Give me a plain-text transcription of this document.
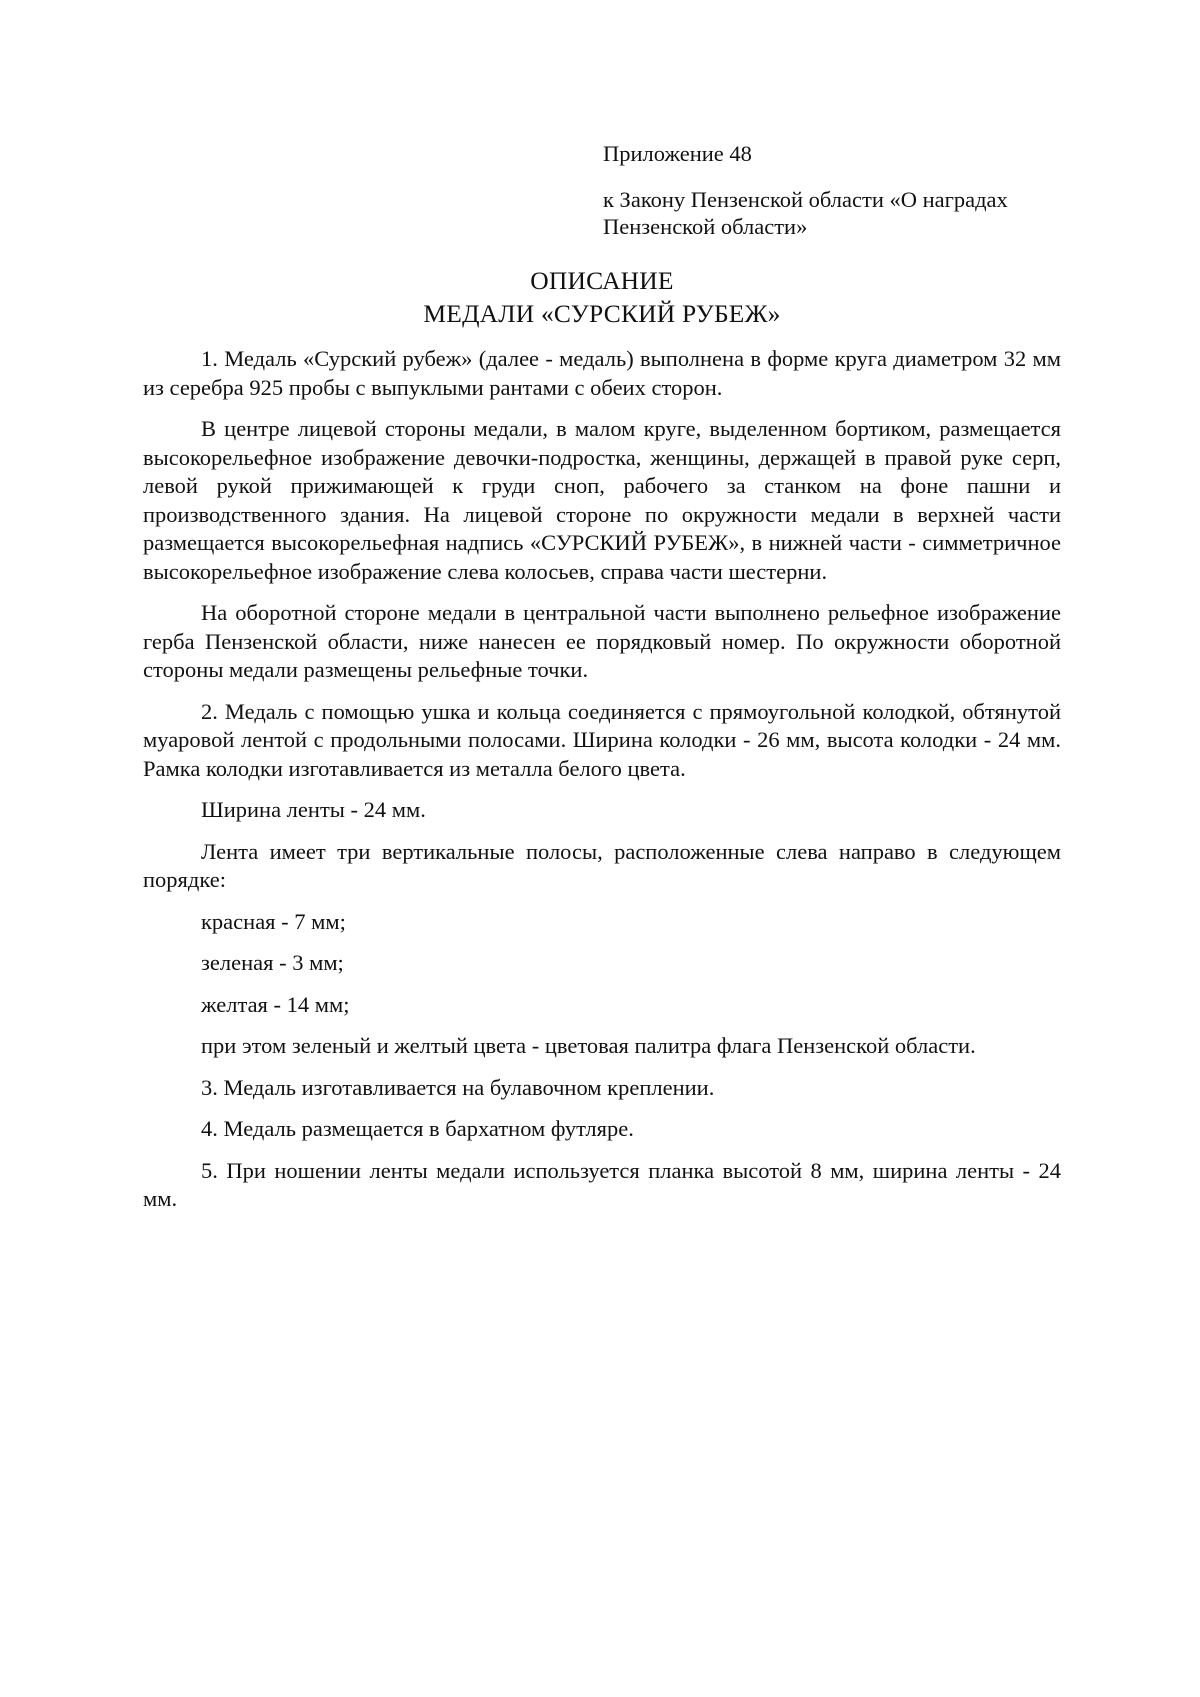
Приложение 48

к Закону Пензенской области «О наградах Пензенской области»

ОПИСАНИЕ
МЕДАЛИ «СУРСКИЙ РУБЕЖ»

1. Медаль «Сурский рубеж» (далее - медаль) выполнена в форме круга диаметром 32 мм из серебра 925 пробы с выпуклыми рантами с обеих сторон.

В центре лицевой стороны медали, в малом круге, выделенном бортиком, размещается высокорельефное изображение девочки-подростка, женщины, держащей в правой руке серп, левой рукой прижимающей к груди сноп, рабочего за станком на фоне пашни и производственного здания. На лицевой стороне по окружности медали в верхней части размещается высокорельефная надпись «СУРСКИЙ РУБЕЖ», в нижней части - симметричное высокорельефное изображение слева колосьев, справа части шестерни.

На оборотной стороне медали в центральной части выполнено рельефное изображение герба Пензенской области, ниже нанесен ее порядковый номер. По окружности оборотной стороны медали размещены рельефные точки.

2. Медаль с помощью ушка и кольца соединяется с прямоугольной колодкой, обтянутой муаровой лентой с продольными полосами. Ширина колодки - 26 мм, высота колодки - 24 мм. Рамка колодки изготавливается из металла белого цвета.

Ширина ленты - 24 мм.

Лента имеет три вертикальные полосы, расположенные слева направо в следующем порядке:

красная - 7 мм;

зеленая - 3 мм;

желтая - 14 мм;

при этом зеленый и желтый цвета - цветовая палитра флага Пензенской области.

3. Медаль изготавливается на булавочном креплении.

4. Медаль размещается в бархатном футляре.

5. При ношении ленты медали используется планка высотой 8 мм, ширина ленты - 24 мм.
